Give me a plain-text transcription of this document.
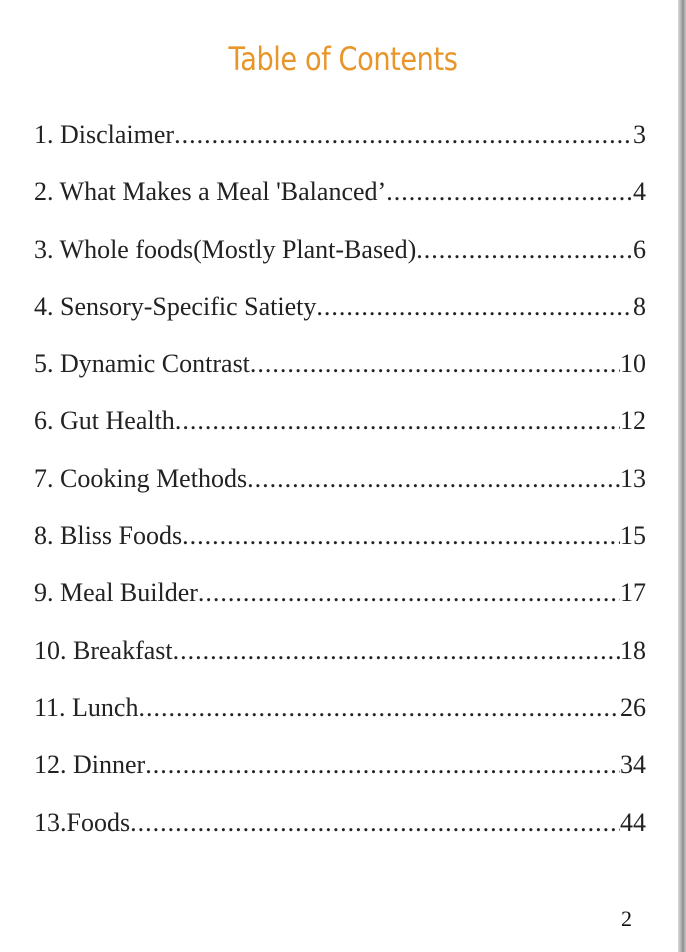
Table of Contents
1. Disclaimer .....	3
2. What Makes a Meal 'Balanced’ .....	4
3. Whole foods(Mostly Plant-Based) .....	6
4. Sensory-Specific Satiety .....	8
5. Dynamic Contrast .....	10
6. Gut Health .....	12
7. Cooking Methods .....	13
8. Bliss Foods .....	15
9. Meal Builder .....	17
10. Breakfast .....	18
11. Lunch .....	26
12. Dinner .....	34
13.Foods .....	44
2
